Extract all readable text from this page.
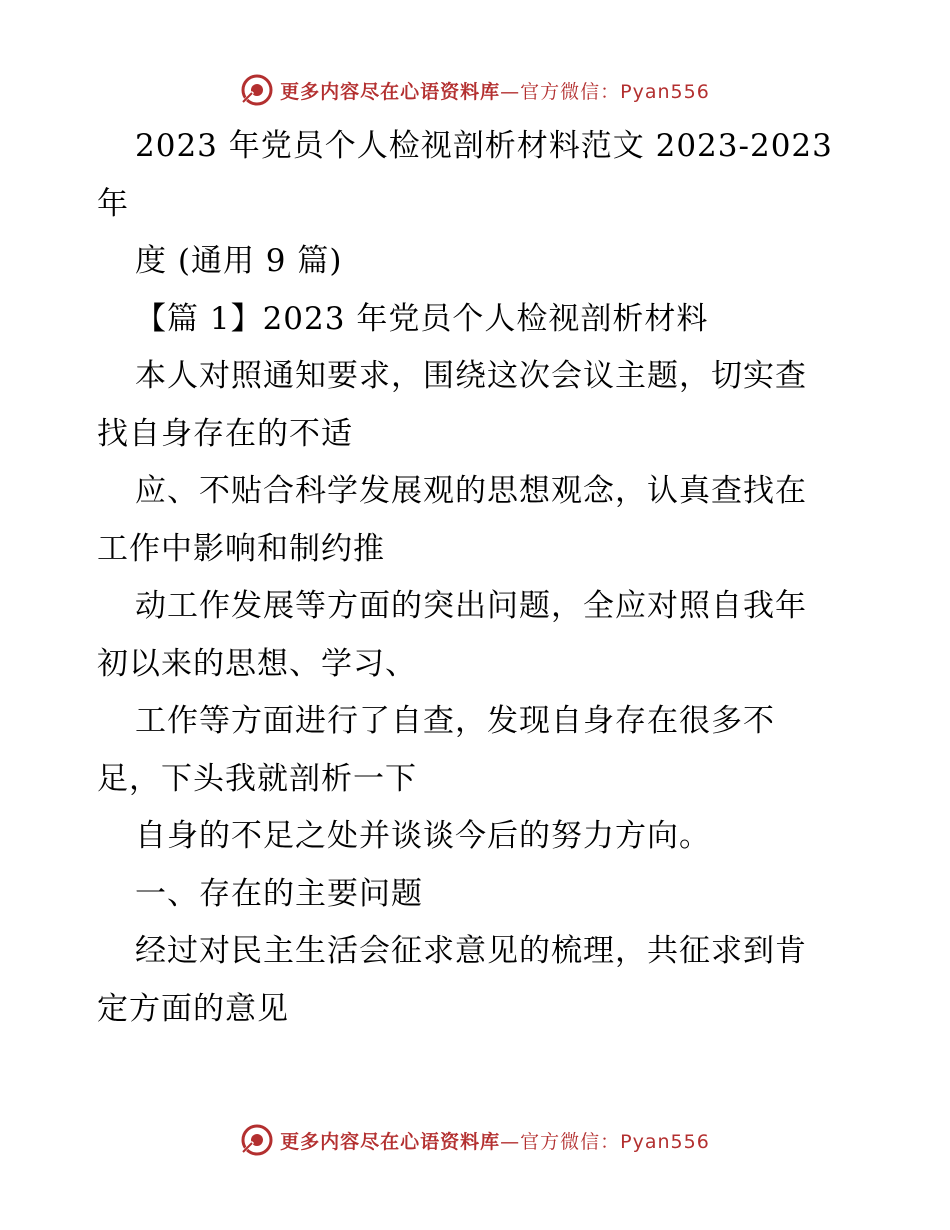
更多内容尽在心语资料库 —官方微信：Pyan556
2023 年党员个人检视剖析材料范文 2023-2023
年
度 (通用 9 篇)
【篇 1】2023 年党员个人检视剖析材料
本人对照通知要求，围绕这次会议主题，切实查
找自身存在的不适
应、不贴合科学发展观的思想观念，认真查找在
工作中影响和制约推
动工作发展等方面的突出问题，全应对照自我年
初以来的思想、学习、
工作等方面进行了自查，发现自身存在很多不
足，下头我就剖析一下
自身的不足之处并谈谈今后的努力方向。
一、存在的主要问题
经过对民主生活会征求意见的梳理，共征求到肯
定方面的意见
更多内容尽在心语资料库 —官方微信：Pyan556
